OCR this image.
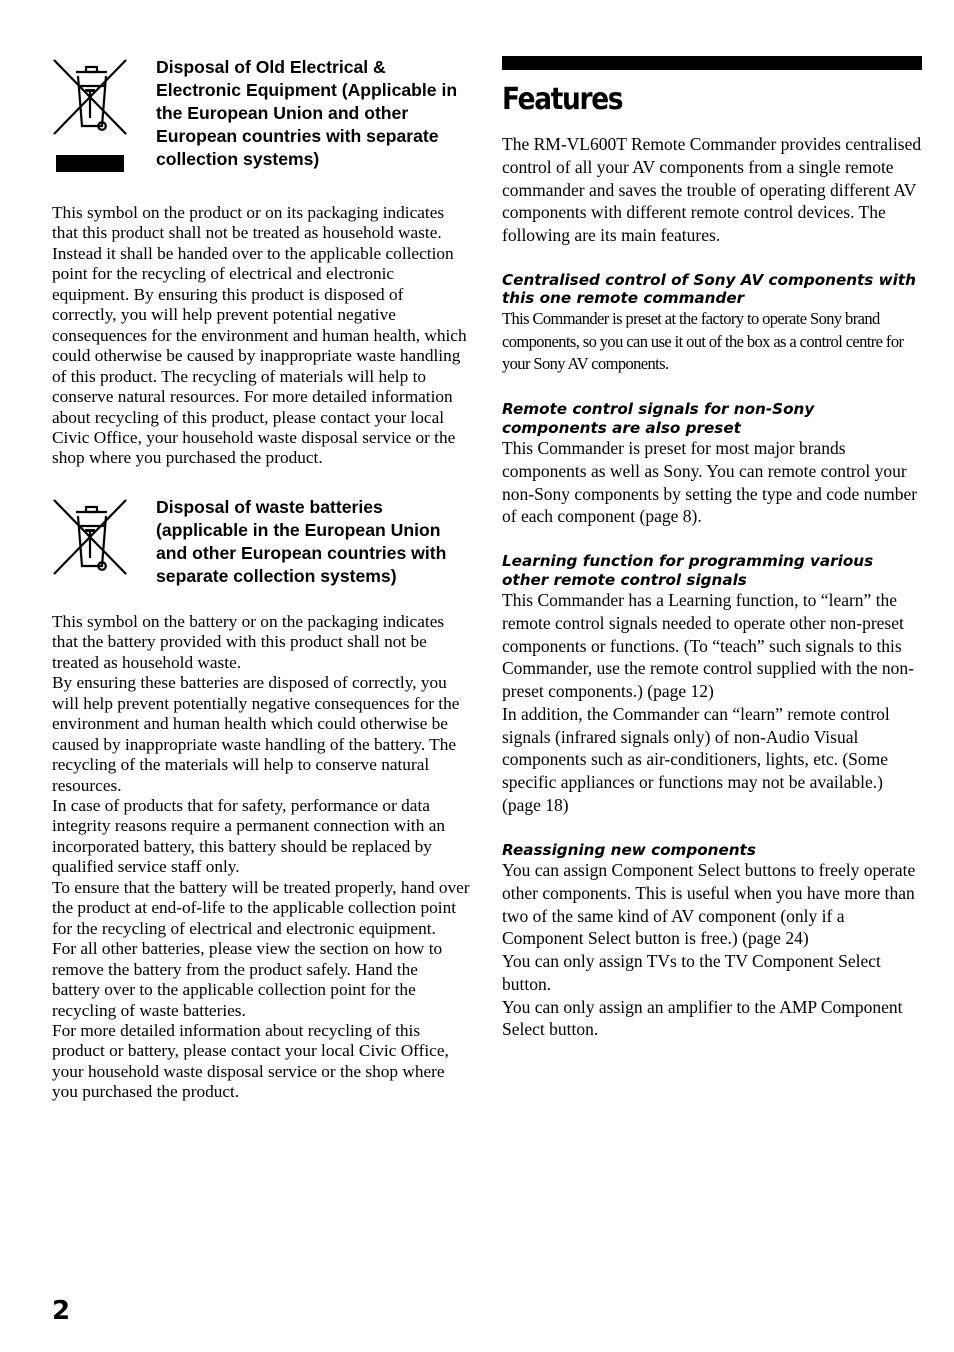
Disposal of Old Electrical & Electronic Equipment (Applicable in the European Union and other European countries with separate collection systems)

This symbol on the product or on its packaging indicates that this product shall not be treated as household waste. Instead it shall be handed over to the applicable collection point for the recycling of electrical and electronic equipment. By ensuring this product is disposed of correctly, you will help prevent potential negative consequences for the environment and human health, which could otherwise be caused by inappropriate waste handling of this product. The recycling of materials will help to conserve natural resources. For more detailed information about recycling of this product, please contact your local Civic Office, your household waste disposal service or the shop where you purchased the product.

Disposal of waste batteries (applicable in the European Union and other European countries with separate collection systems)

This symbol on the battery or on the packaging indicates that the battery provided with this product shall not be treated as household waste.

By ensuring these batteries are disposed of correctly, you will help prevent potentially negative consequences for the environment and human health which could otherwise be caused by inappropriate waste handling of the battery. The recycling of the materials will help to conserve natural resources.

In case of products that for safety, performance or data integrity reasons require a permanent connection with an incorporated battery, this battery should be replaced by qualified service staff only.

To ensure that the battery will be treated properly, hand over the product at end-of-life to the applicable collection point for the recycling of electrical and electronic equipment.

For all other batteries, please view the section on how to remove the battery from the product safely. Hand the battery over to the applicable collection point for the recycling of waste batteries.

For more detailed information about recycling of this product or battery, please contact your local Civic Office, your household waste disposal service or the shop where you purchased the product.

Features

The RM-VL600T Remote Commander provides centralised control of all your AV components from a single remote commander and saves the trouble of operating different AV components with different remote control devices. The following are its main features.

Centralised control of Sony AV components with this one remote commander

This Commander is preset at the factory to operate Sony brand components, so you can use it out of the box as a control centre for your Sony AV components.

Remote control signals for non-Sony components are also preset

This Commander is preset for most major brands components as well as Sony. You can remote control your non-Sony components by setting the type and code number of each component (page 8).

Learning function for programming various other remote control signals

This Commander has a Learning function, to “learn” the remote control signals needed to operate other non-preset components or functions. (To “teach” such signals to this Commander, use the remote control supplied with the non-preset components.) (page 12)

In addition, the Commander can “learn” remote control signals (infrared signals only) of non-Audio Visual components such as air-conditioners, lights, etc. (Some specific appliances or functions may not be available.) (page 18)

Reassigning new components

You can assign Component Select buttons to freely operate other components. This is useful when you have more than two of the same kind of AV component (only if a Component Select button is free.) (page 24)

You can only assign TVs to the TV Component Select button.

You can only assign an amplifier to the AMP Component Select button.

2
